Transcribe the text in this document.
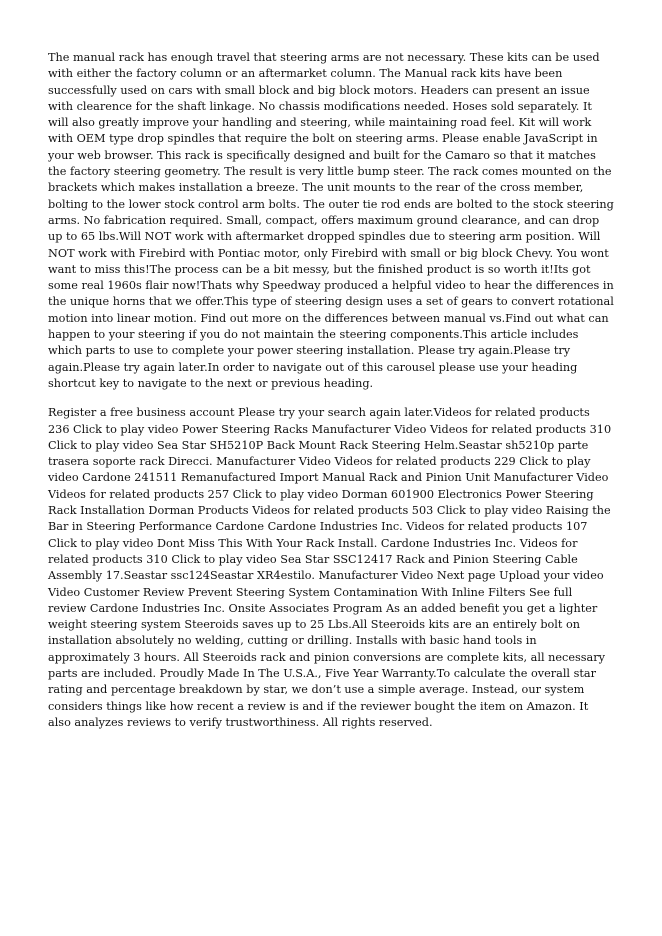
The manual rack has enough travel that steering arms are not necessary. These kits can be used with either the factory column or an aftermarket column. The Manual rack kits have been successfully used on cars with small block and big block motors. Headers can present an issue with clearence for the shaft linkage. No chassis modifications needed. Hoses sold separately. It will also greatly improve your handling and steering, while maintaining road feel. Kit will work with OEM type drop spindles that require the bolt on steering arms. Please enable JavaScript in your web browser. This rack is specifically designed and built for the Camaro so that it matches the factory steering geometry. The result is very little bump steer. The rack comes mounted on the brackets which makes installation a breeze. The unit mounts to the rear of the cross member, bolting to the lower stock control arm bolts. The outer tie rod ends are bolted to the stock steering arms. No fabrication required. Small, compact, offers maximum ground clearance, and can drop up to 65 lbs.Will NOT work with aftermarket dropped spindles due to steering arm position. Will NOT work with Firebird with Pontiac motor, only Firebird with small or big block Chevy. You wont want to miss this!The process can be a bit messy, but the finished product is so worth it!Its got some real 1960s flair now!Thats why Speedway produced a helpful video to hear the differences in the unique horns that we offer.This type of steering design uses a set of gears to convert rotational motion into linear motion. Find out more on the differences between manual vs.Find out what can happen to your steering if you do not maintain the steering components.This article includes which parts to use to complete your power steering installation. Please try again.Please try again.Please try again later.In order to navigate out of this carousel please use your heading shortcut key to navigate to the next or previous heading.

Register a free business account Please try your search again later.Videos for related products 236 Click to play video Power Steering Racks Manufacturer Video Videos for related products 310 Click to play video Sea Star SH5210P Back Mount Rack Steering Helm.Seastar sh5210p parte trasera soporte rack Direcci. Manufacturer Video Videos for related products 229 Click to play video Cardone 241511 Remanufactured Import Manual Rack and Pinion Unit Manufacturer Video Videos for related products 257 Click to play video Dorman 601900 Electronics Power Steering Rack Installation Dorman Products Videos for related products 503 Click to play video Raising the Bar in Steering Performance Cardone Cardone Industries Inc. Videos for related products 107 Click to play video Dont Miss This With Your Rack Install. Cardone Industries Inc. Videos for related products 310 Click to play video Sea Star SSC12417 Rack and Pinion Steering Cable Assembly 17.Seastar ssc124Seastar XR4estilo. Manufacturer Video Next page Upload your video Video Customer Review Prevent Steering System Contamination With Inline Filters See full review Cardone Industries Inc. Onsite Associates Program As an added benefit you get a lighter weight steering system Steeroids saves up to 25 Lbs.All Steeroids kits are an entirely bolt on installation absolutely no welding, cutting or drilling. Installs with basic hand tools in approximately 3 hours. All Steeroids rack and pinion conversions are complete kits, all necessary parts are included. Proudly Made In The U.S.A., Five Year Warranty.To calculate the overall star rating and percentage breakdown by star, we don’t use a simple average. Instead, our system considers things like how recent a review is and if the reviewer bought the item on Amazon. It also analyzes reviews to verify trustworthiness. All rights reserved.
